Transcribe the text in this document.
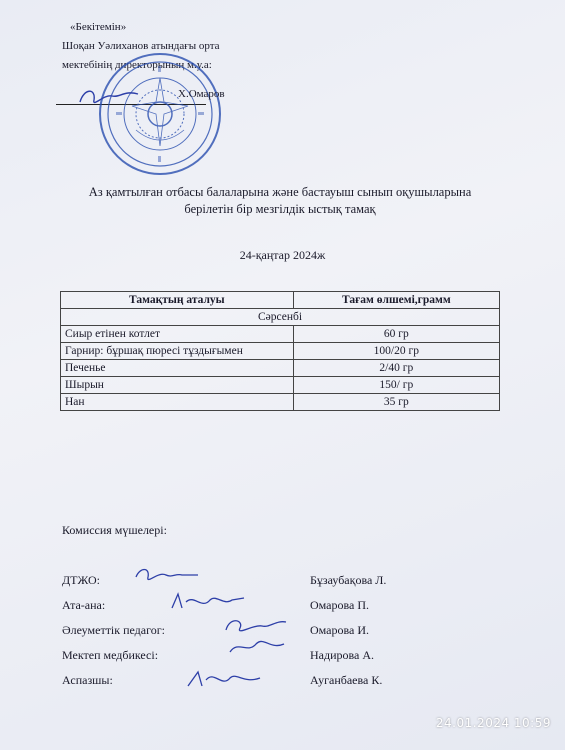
«Бекітемін»
Шоқан Уәлиханов атындағы орта
мектебінің директорының м.у.а:
Х.Омаров
Аз қамтылған отбасы балаларына және бастауыш сынып оқушыларына
берілетін бір мезгілдік ыстық тамақ
24-қаңтар 2024ж
Тамақтың аталуы	Тағам өлшемі,грамм
Сәрсенбі	
Сиыр етінен котлет	60 гр
Гарнир: бұршақ пюресі тұздығымен	100/20 гр
Печенье	2/40 гр
Шырын	150/ гр
Нан	35 гр
Комиссия мүшелері:
ДТЖО:	Бұзаубақова Л.
Ата-ана:	Омарова П.
Әлеуметтік педагог:	Омарова И.
Мектеп медбикесі:	Надирова А.
Аспазшы:	Ауганбаева К.
24.01.2024 10:59
